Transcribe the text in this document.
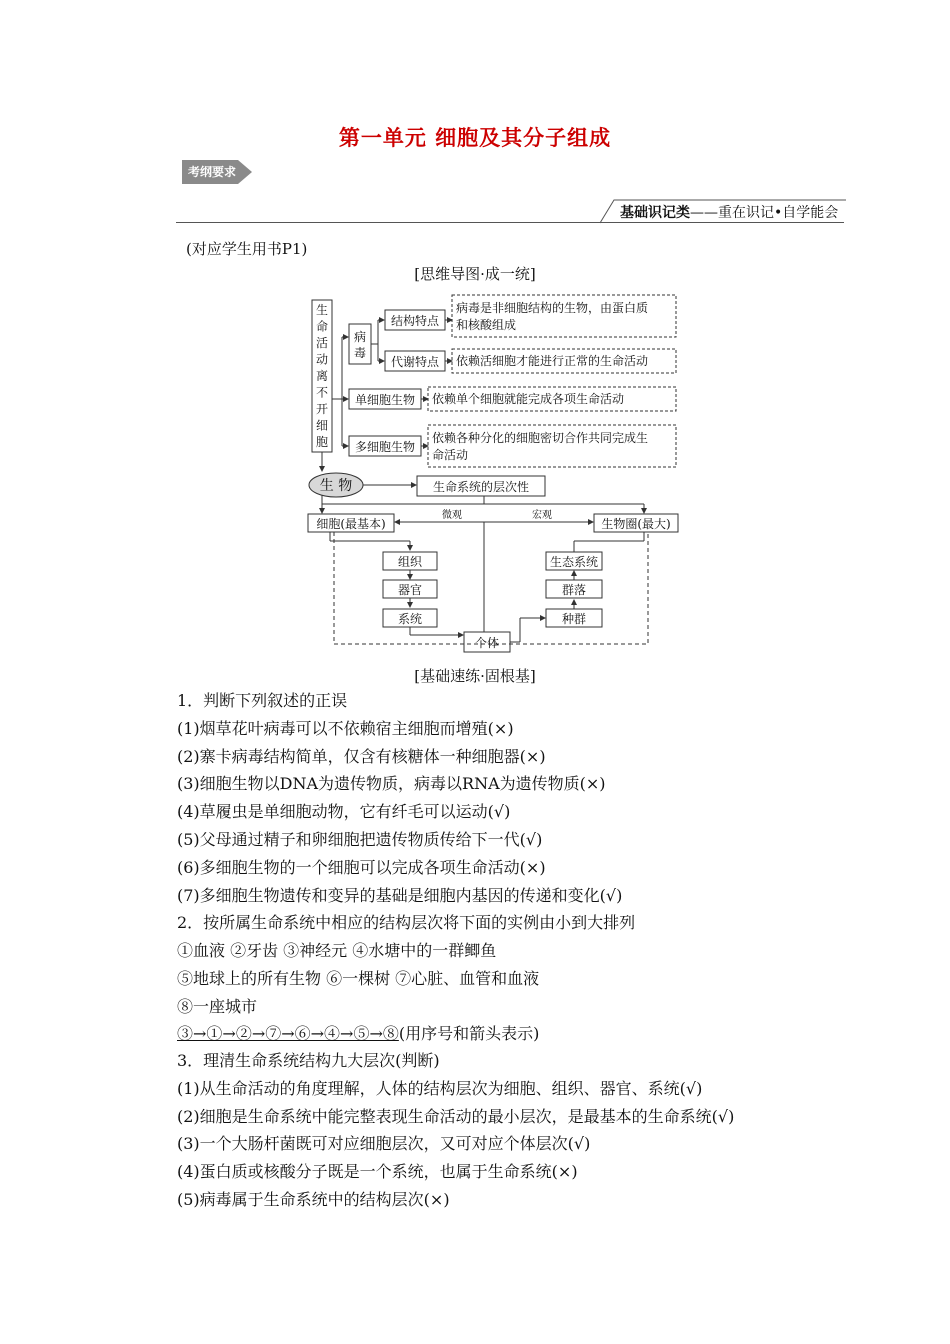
第一单元 细胞及其分子组成
考纲要求
基础识记类——重在识记•自学能会
(对应学生用书P1)
[思维导图·成一统]
生命活动离不开细胞
病
毒
结构特点
代谢特点
病毒是非细胞结构的生物，由蛋白质
和核酸组成
依赖活细胞才能进行正常的生命活动
单细胞生物 依赖单个细胞就能完成各项生命活动
多细胞生物
依赖各种分化的细胞密切合作共同完成生
命活动
生 物	生命系统的层次性
细胞(最基本)
微观	宏观
生物圈(最大)
组织
器官
系统
个体
生态系统
群落
种群
[基础速练·固根基]
1．判断下列叙述的正误
(1)烟草花叶病毒可以不依赖宿主细胞而增殖(×)
(2)寨卡病毒结构简单，仅含有核糖体一种细胞器(×)
(3)细胞生物以DNA为遗传物质，病毒以RNA为遗传物质(×)
(4)草履虫是单细胞动物，它有纤毛可以运动(√)
(5)父母通过精子和卵细胞把遗传物质传给下一代(√)
(6)多细胞生物的一个细胞可以完成各项生命活动(×)
(7)多细胞生物遗传和变异的基础是细胞内基因的传递和变化(√)
2．按所属生命系统中相应的结构层次将下面的实例由小到大排列
①血液 ②牙齿 ③神经元 ④水塘中的一群鲫鱼
⑤地球上的所有生物 ⑥一棵树 ⑦心脏、血管和血液
⑧一座城市
③→①→②→⑦→⑥→④→⑤→⑧(用序号和箭头表示)
3．理清生命系统结构九大层次(判断)
(1)从生命活动的角度理解，人体的结构层次为细胞、组织、器官、系统(√)
(2)细胞是生命系统中能完整表现生命活动的最小层次，是最基本的生命系统(√)
(3)一个大肠杆菌既可对应细胞层次，又可对应个体层次(√)
(4)蛋白质或核酸分子既是一个系统，也属于生命系统(×)
(5)病毒属于生命系统中的结构层次(×)
